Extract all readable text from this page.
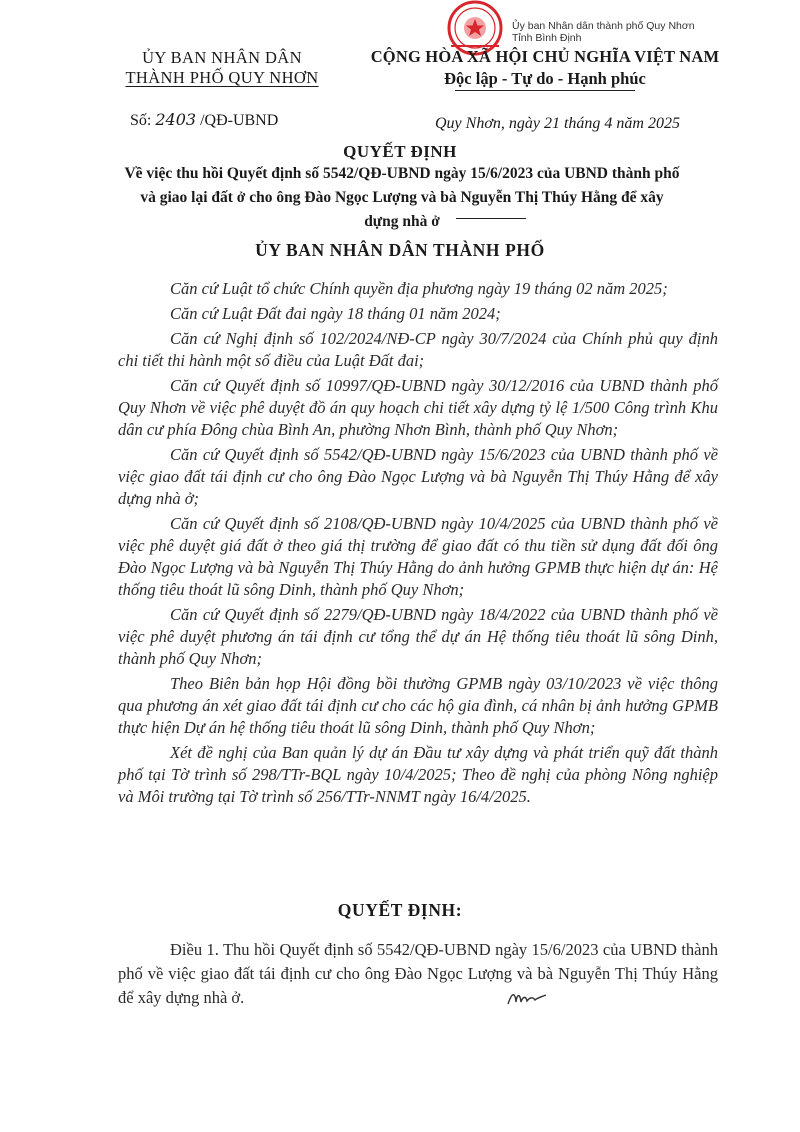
ỦY BAN NHÂN DÂN
THÀNH PHỐ QUY NHƠN
Số: 2403 /QĐ-UBND
Ủy ban Nhân dân thành phố Quy Nhơn
Tỉnh Bình Định
CỘNG HÒA XÃ HỘI CHỦ NGHĨA VIỆT NAM
Độc lập - Tự do - Hạnh phúc
Quy Nhơn, ngày 21 tháng 4 năm 2025
QUYẾT ĐỊNH
Về việc thu hồi Quyết định số 5542/QĐ-UBND ngày 15/6/2023 của UBND thành phố và giao lại đất ở cho ông Đào Ngọc Lượng và bà Nguyễn Thị Thúy Hằng để xây dựng nhà ở
ỦY BAN NHÂN DÂN THÀNH PHỐ

Căn cứ Luật tổ chức Chính quyền địa phương ngày 19 tháng 02 năm 2025;

Căn cứ Luật Đất đai ngày 18 tháng 01 năm 2024;

Căn cứ Nghị định số 102/2024/NĐ-CP ngày 30/7/2024 của Chính phủ quy định chi tiết thi hành một số điều của Luật Đất đai;

Căn cứ Quyết định số 10997/QĐ-UBND ngày 30/12/2016 của UBND thành phố Quy Nhơn về việc phê duyệt đồ án quy hoạch chi tiết xây dựng tỷ lệ 1/500 Công trình Khu dân cư phía Đông chùa Bình An, phường Nhơn Bình, thành phố Quy Nhơn;

Căn cứ Quyết định số 5542/QĐ-UBND ngày 15/6/2023 của UBND thành phố về việc giao đất tái định cư cho ông Đào Ngọc Lượng và bà Nguyễn Thị Thúy Hằng để xây dựng nhà ở;

Căn cứ Quyết định số 2108/QĐ-UBND ngày 10/4/2025 của UBND thành phố về việc phê duyệt giá đất ở theo giá thị trường để giao đất có thu tiền sử dụng đất đối ông Đào Ngọc Lượng và bà Nguyễn Thị Thúy Hằng do ảnh hưởng GPMB thực hiện dự án: Hệ thống tiêu thoát lũ sông Dinh, thành phố Quy Nhơn;

Căn cứ Quyết định số 2279/QĐ-UBND ngày 18/4/2022 của UBND thành phố về việc phê duyệt phương án tái định cư tổng thể dự án Hệ thống tiêu thoát lũ sông Dinh, thành phố Quy Nhơn;

Theo Biên bản họp Hội đồng bồi thường GPMB ngày 03/10/2023 về việc thông qua phương án xét giao đất tái định cư cho các hộ gia đình, cá nhân bị ảnh hưởng GPMB thực hiện Dự án hệ thống tiêu thoát lũ sông Dinh, thành phố Quy Nhơn;

Xét đề nghị của Ban quản lý dự án Đầu tư xây dựng và phát triển quỹ đất thành phố tại Tờ trình số 298/TTr-BQL ngày 10/4/2025; Theo đề nghị của phòng Nông nghiệp và Môi trường tại Tờ trình số 256/TTr-NNMT ngày 16/4/2025.

QUYẾT ĐỊNH:

Điều 1. Thu hồi Quyết định số 5542/QĐ-UBND ngày 15/6/2023 của UBND thành phố về việc giao đất tái định cư cho ông Đào Ngọc Lượng và bà Nguyễn Thị Thúy Hằng để xây dựng nhà ở.
